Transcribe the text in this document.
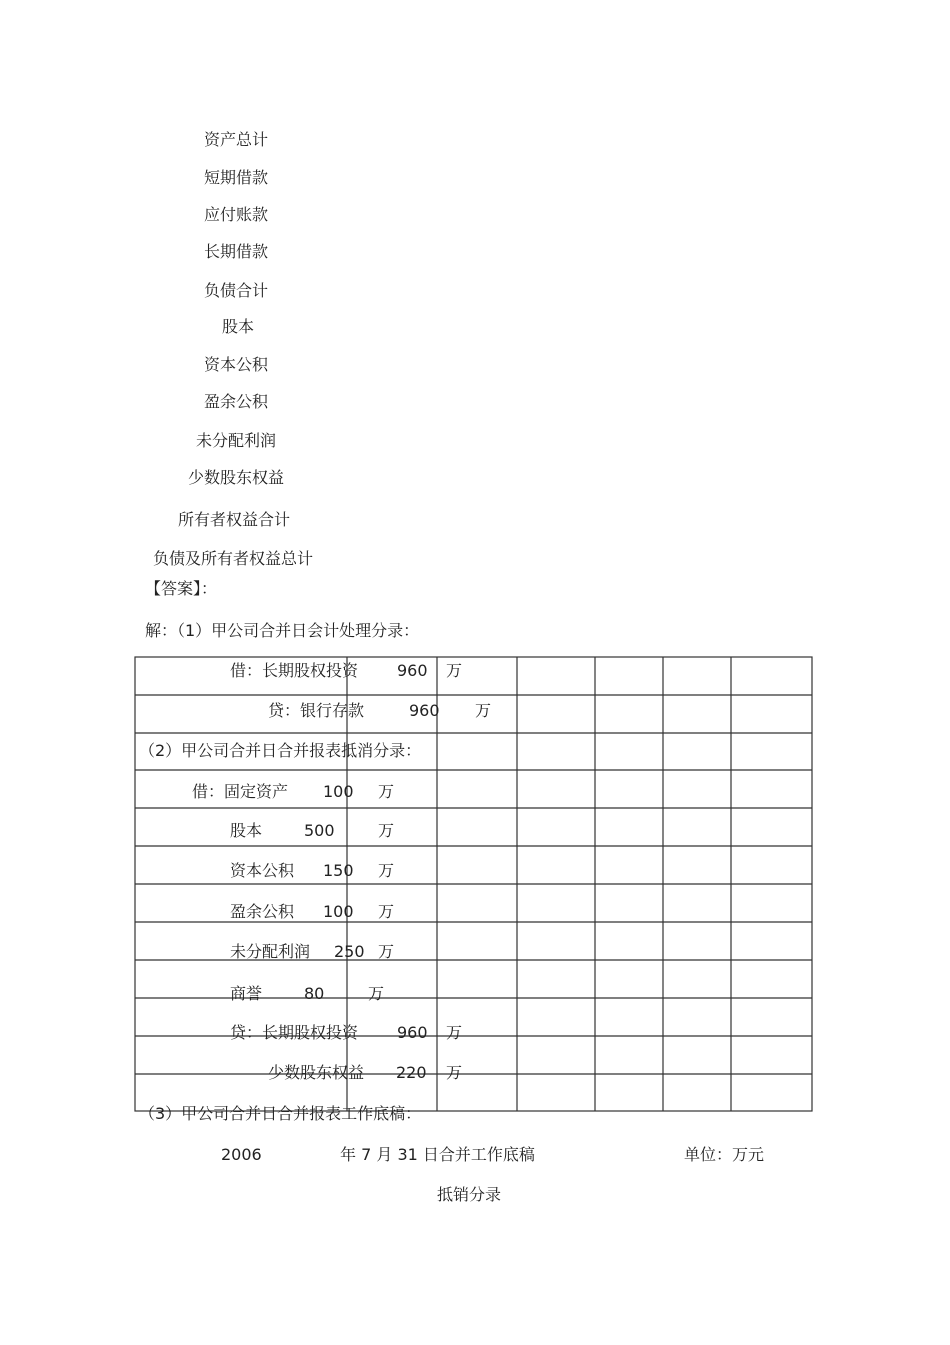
资产总计
短期借款
应付账款
长期借款
负债合计
股本
资本公积
盈余公积
未分配利润
少数股东权益
所有者权益合计
负债及所有者权益总计
【答案】：
解：（1）甲公司合并日会计处理分录：
借：长期股权投资 960 万
贷：银行存款	960 万
（2）甲公司合并日合并报表抵消分录：
借：固定资产 100 万
股本	500	万
资本公积 150 万
盈余公积 100 万
未分配利润 250 万
商誉	80	万
贷：长期股权投资 960 万
少数股东权益 220 万
（3）甲公司合并日合并报表工作底稿：
2006	年 7 月 31 日合并工作底稿	单位：万元
抵销分录
